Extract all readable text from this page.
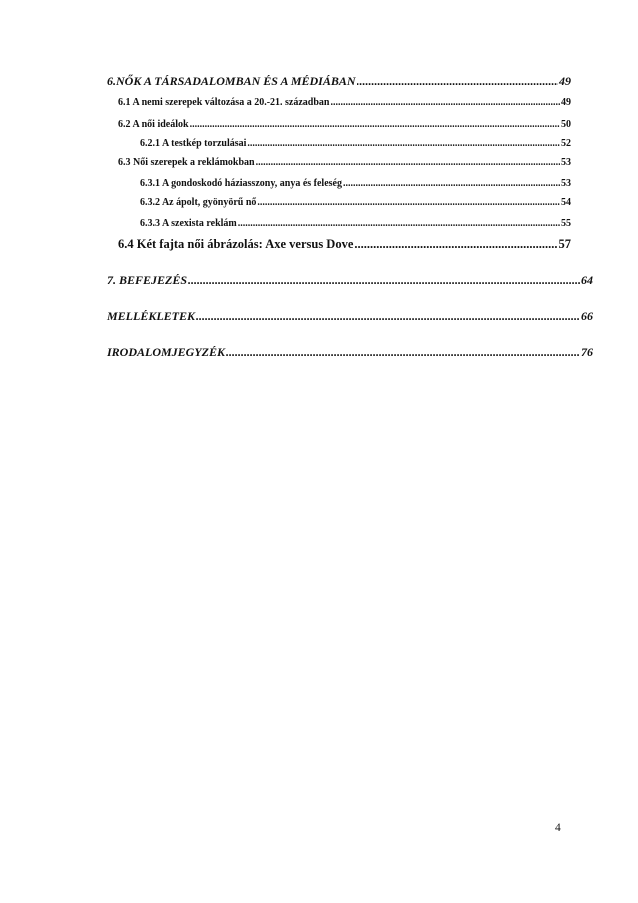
6.NŐK A TÁRSADALOMBAN ÉS A MÉDIÁBAN .....	49
6.1 A nemi szerepek változása a 20.-21. században .....	49
6.2 A női ideálok .....	50
6.2.1 A testkép torzulásai .....	52
6.3 Női szerepek a reklámokban .....	53
6.3.1 A gondoskodó háziasszony, anya és feleség .....	53
6.3.2 Az ápolt, gyönyörű nő .....	54
6.3.3 A szexista reklám .....	55
6.4 Két fajta női ábrázolás: Axe versus Dove .....	57
7. BEFEJEZÉS .....	64
MELLÉKLETEK .....	66
IRODALOMJEGYZÉK .....	76
4
